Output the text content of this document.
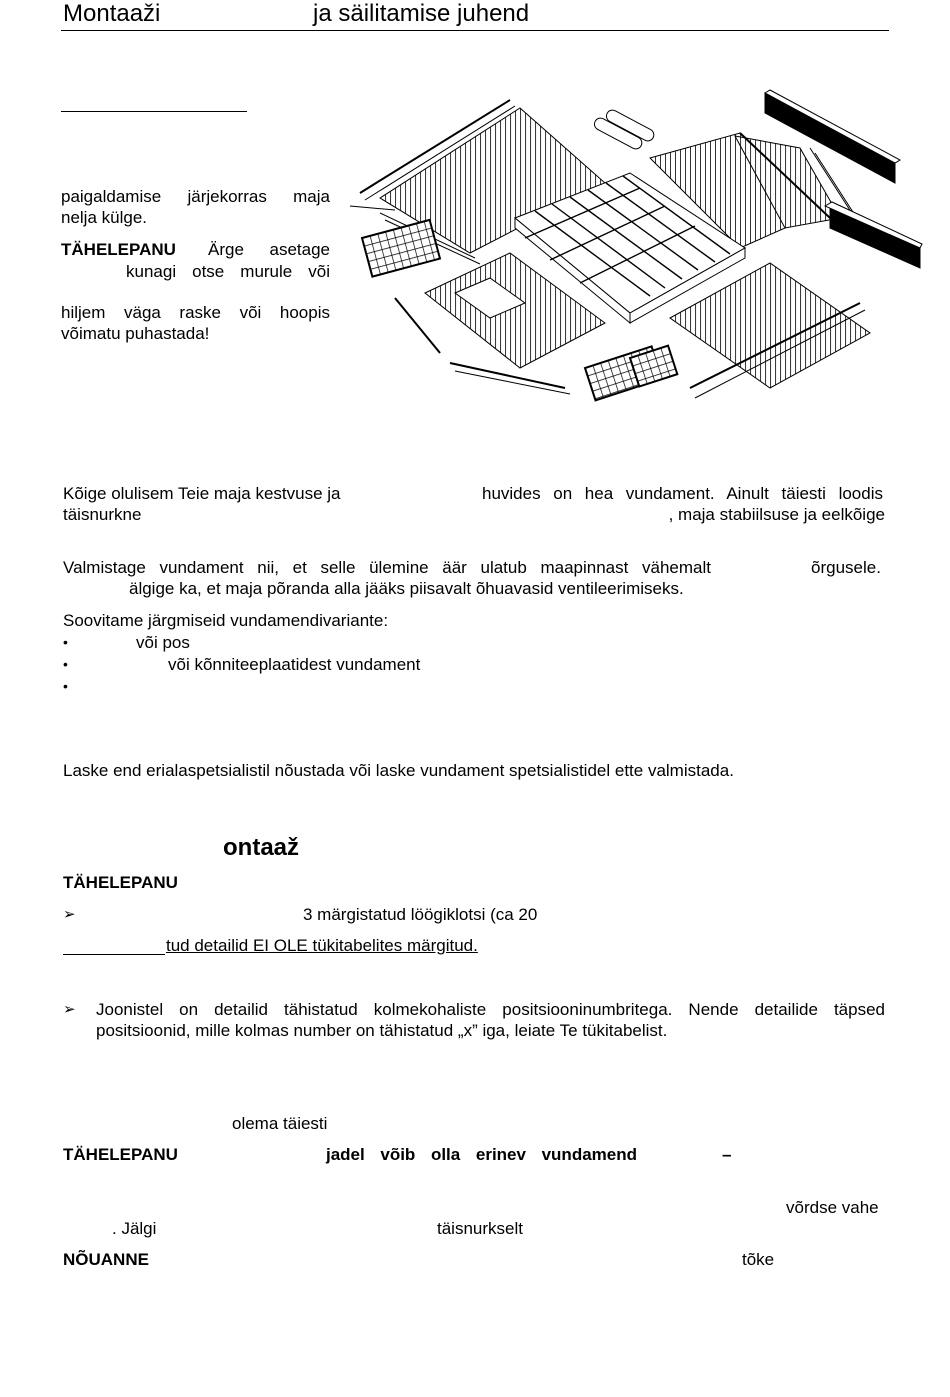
Montaaži	ja säilitamise juhend
paigaldamise järjekorras maja
nelja külge.
TÄHELEPANU Ärge asetage
kunagi otse murule või
hiljem väga raske või hoopis
võimatu puhastada!
Kõige olulisem Teie maja kestvuse ja	huvides on hea vundament. Ainult täiesti loodis
täisnurkne	, maja stabiilsuse ja eelkõige
Valmistage vundament nii, et selle ülemine äär ulatub maapinnast vähemalt	õrgusele.
älgige ka, et maja põranda alla jääks piisavalt õhuavasid ventileerimiseks.
Soovitame järgmiseid vundamendivariante:
•	või pos
•	või kõnniteeplaatidest vundament
•
Laske end erialaspetsialistil nõustada või laske vundament spetsialistidel ette valmistada.
ontaaž
TÄHELEPANU
➢	3 märgistatud löögiklotsi (ca 20
tud detailid EI OLE tükitabelites märgitud.
➢ Joonistel on detailid tähistatud kolmekohaliste positsiooninumbritega. Nende detailide täpsed
positsioonid, mille kolmas number on tähistatud „x” iga, leiate Te tükitabelist.
olema täiesti
TÄHELEPANU	jadel võib olla erinev vundamend	–
võrdse vahe
. Jälgi	täisnurkselt
NÕUANNE	tõke
